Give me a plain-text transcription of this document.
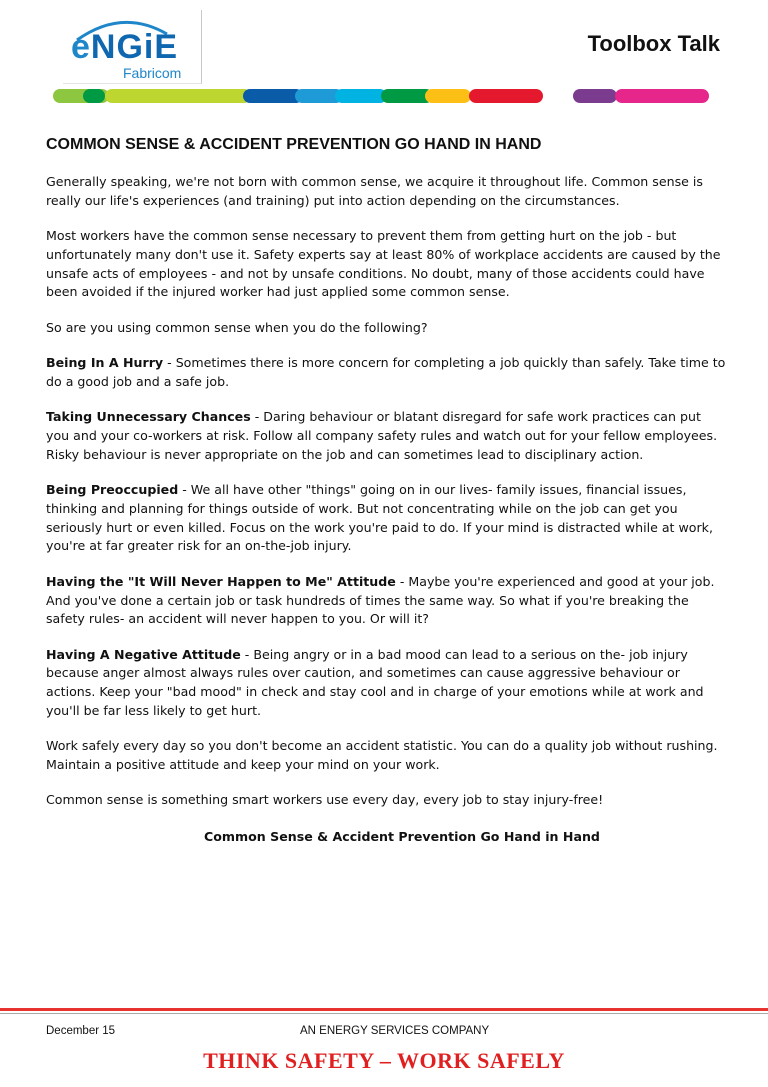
eNGiE
Fabricom
Toolbox Talk
COMMON SENSE & ACCIDENT PREVENTION GO HAND IN HAND

Generally speaking, we're not born with common sense, we acquire it throughout life. Common sense is really our life's experiences (and training) put into action depending on the circumstances.

Most workers have the common sense necessary to prevent them from getting hurt on the job - but unfortunately many don't use it. Safety experts say at least 80% of workplace accidents are caused by the unsafe acts of employees - and not by unsafe conditions. No doubt, many of those accidents could have been avoided if the injured worker had just applied some common sense.

So are you using common sense when you do the following?

Being In A Hurry - Sometimes there is more concern for completing a job quickly than safely. Take time to do a good job and a safe job.

Taking Unnecessary Chances - Daring behaviour or blatant disregard for safe work practices can put you and your co-workers at risk. Follow all company safety rules and watch out for your fellow employees. Risky behaviour is never appropriate on the job and can sometimes lead to disciplinary action.

Being Preoccupied - We all have other "things" going on in our lives- family issues, financial issues, thinking and planning for things outside of work. But not concentrating while on the job can get you seriously hurt or even killed. Focus on the work you're paid to do. If your mind is distracted while at work, you're at far greater risk for an on-the-job injury.

Having the "It Will Never Happen to Me" Attitude - Maybe you're experienced and good at your job. And you've done a certain job or task hundreds of times the same way. So what if you're breaking the safety rules- an accident will never happen to you. Or will it?

Having A Negative Attitude - Being angry or in a bad mood can lead to a serious on the- job injury because anger almost always rules over caution, and sometimes can cause aggressive behaviour or actions. Keep your "bad mood" in check and stay cool and in charge of your emotions while at work and you'll be far less likely to get hurt.

Work safely every day so you don't become an accident statistic. You can do a quality job without rushing. Maintain a positive attitude and keep your mind on your work.

Common sense is something smart workers use every day, every job to stay injury-free!

Common Sense & Accident Prevention Go Hand in Hand

December 15	AN ENERGY SERVICES COMPANY
THINK SAFETY – WORK SAFELY
